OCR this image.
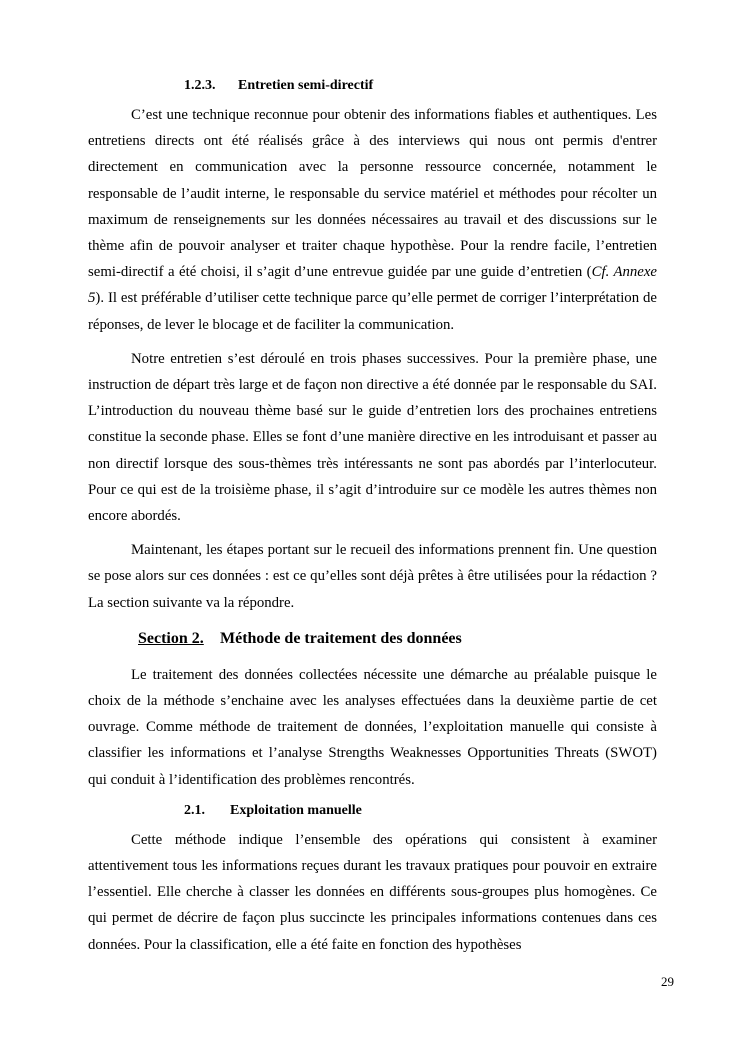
1.2.3. Entretien semi-directif

C’est une technique reconnue pour obtenir des informations fiables et authentiques. Les entretiens directs ont été réalisés grâce à des interviews qui nous ont permis d'entrer directement en communication avec la personne ressource concernée, notamment le responsable de l’audit interne, le responsable du service matériel et méthodes pour récolter un maximum de renseignements sur les données nécessaires au travail et des discussions sur le thème afin de pouvoir analyser et traiter chaque hypothèse. Pour la rendre facile, l’entretien semi-directif a été choisi, il s’agit d’une entrevue guidée par une guide d’entretien (Cf. Annexe 5). Il est préférable d’utiliser cette technique parce qu’elle permet de corriger l’interprétation de réponses, de lever le blocage et de faciliter la communication.

Notre entretien s’est déroulé en trois phases successives. Pour la première phase, une instruction de départ très large et de façon non directive a été donnée par le responsable du SAI. L’introduction du nouveau thème basé sur le guide d’entretien lors des prochaines entretiens constitue la seconde phase. Elles se font d’une manière directive en les introduisant et passer au non directif lorsque des sous-thèmes très intéressants ne sont pas abordés par l’interlocuteur. Pour ce qui est de la troisième phase, il s’agit d’introduire sur ce modèle les autres thèmes non encore abordés.

Maintenant, les étapes portant sur le recueil des informations prennent fin. Une question se pose alors sur ces données : est ce qu’elles sont déjà prêtes à être utilisées pour la rédaction ? La section suivante va la répondre.

Section 2. Méthode de traitement des données

Le traitement des données collectées nécessite une démarche au préalable puisque le choix de la méthode s’enchaine avec les analyses effectuées dans la deuxième partie de cet ouvrage. Comme méthode de traitement de données, l’exploitation manuelle qui consiste à classifier les informations et l’analyse Strengths Weaknesses Opportunities Threats (SWOT) qui conduit à l’identification des problèmes rencontrés.

2.1. Exploitation manuelle

Cette méthode indique l’ensemble des opérations qui consistent à examiner attentivement tous les informations reçues durant les travaux pratiques pour pouvoir en extraire l’essentiel. Elle cherche à classer les données en différents sous-groupes plus homogènes. Ce qui permet de décrire de façon plus succincte les principales informations contenues dans ces données. Pour la classification, elle a été faite en fonction des hypothèses

29
